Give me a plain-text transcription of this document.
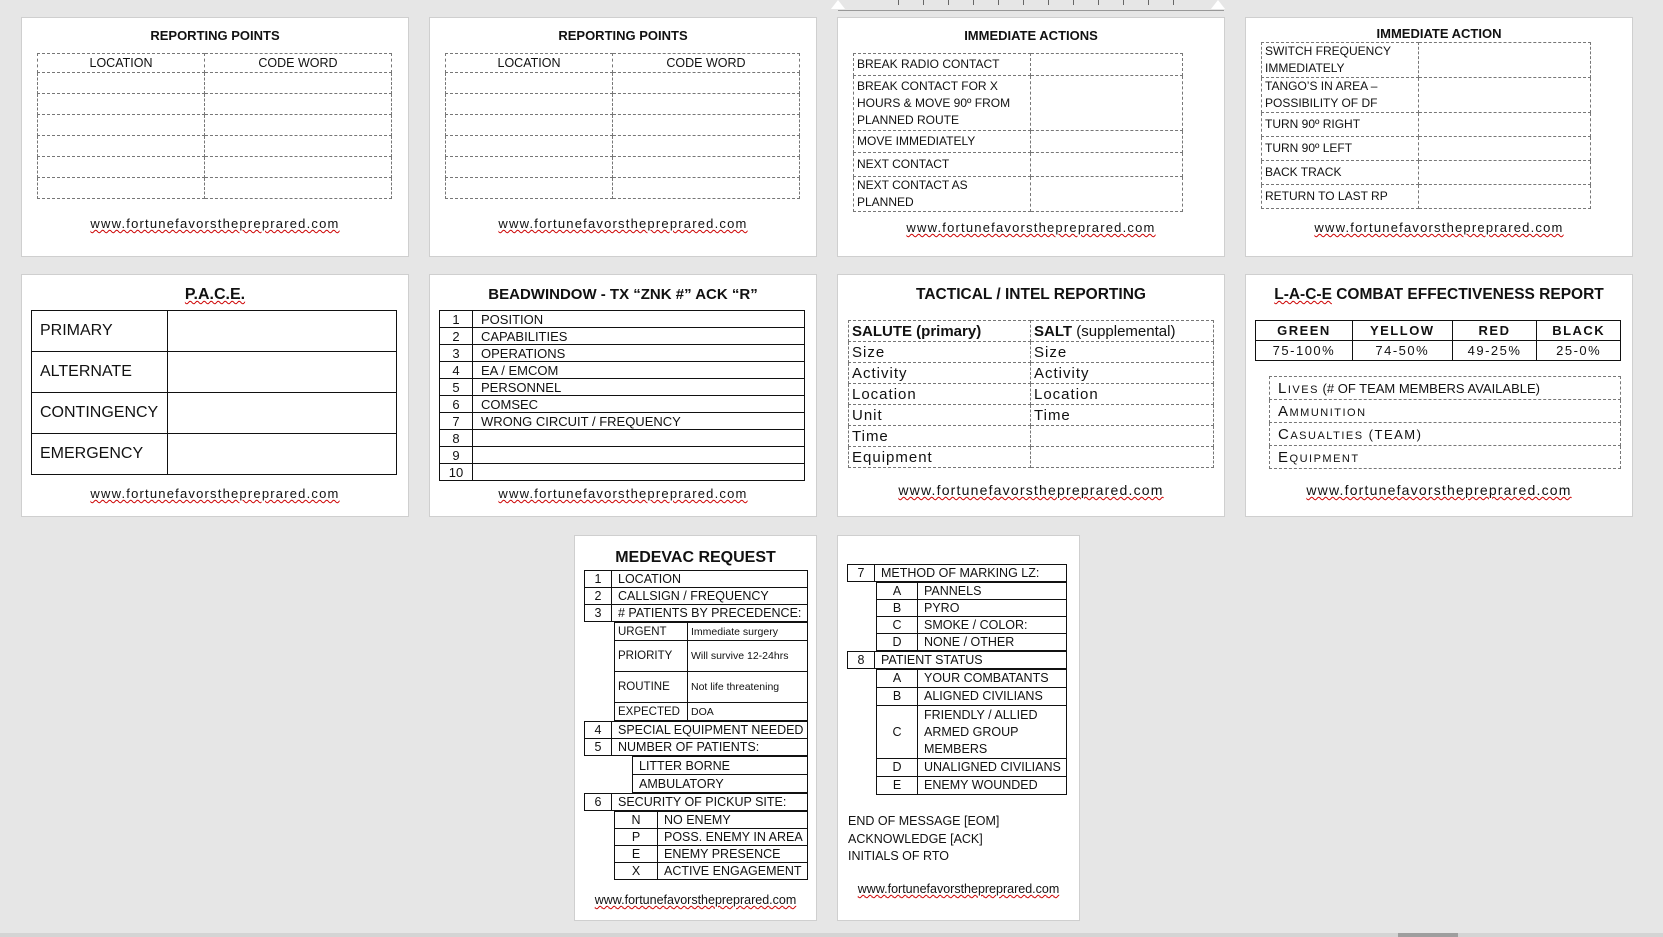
REPORTING POINTS
LOCATION	CODE WORD

www.fortunefavorsthepreprared.com
REPORTING POINTS
LOCATION	CODE WORD

www.fortunefavorsthepreprared.com
IMMEDIATE ACTIONS
BREAK RADIO CONTACT	
BREAK CONTACT FOR X HOURS & MOVE 90º FROM PLANNED ROUTE	
MOVE IMMEDIATELY	
NEXT CONTACT	
NEXT CONTACT AS PLANNED	
www.fortunefavorsthepreprared.com
IMMEDIATE ACTION
SWITCH FREQUENCY IMMEDIATELY	
TANGO’S IN AREA – POSSIBILITY OF DF	
TURN 90º RIGHT	
TURN 90º LEFT	
BACK TRACK	
RETURN TO LAST RP	
www.fortunefavorsthepreprared.com
P.A.C.E.
PRIMARY	
ALTERNATE	
CONTINGENCY	
EMERGENCY	
www.fortunefavorsthepreprared.com
BEADWINDOW - TX “ZNK #” ACK “R”
1	POSITION
2	CAPABILITIES
3	OPERATIONS
4	EA / EMCOM
5	PERSONNEL
6	COMSEC
7	WRONG CIRCUIT / FREQUENCY
8	
9	
10	
www.fortunefavorsthepreprared.com
TACTICAL / INTEL REPORTING
SALUTE (primary)	SALT (supplemental)
Size	Size
Activity	Activity
Location	Location
Unit	Time
Time	
Equipment	
www.fortunefavorsthepreprared.com
L-A-C-E COMBAT EFFECTIVENESS REPORT
GREEN	YELLOW	RED	BLACK
75-100%	74-50%	49-25%	25-0%
LIVES (# OF TEAM MEMBERS AVAILABLE)
AMMUNITION
CASUALTIES (TEAM)
EQUIPMENT
www.fortunefavorsthepreprared.com
MEDEVAC REQUEST
1	LOCATION
2	CALLSIGN / FREQUENCY
3	# PATIENTS BY PRECEDENCE:
URGENT	Immediate surgery
PRIORITY	Will survive 12-24hrs
ROUTINE	Not life threatening
EXPECTED	DOA
4	SPECIAL EQUIPMENT NEEDED
5	NUMBER OF PATIENTS:
LITTER BORNE
AMBULATORY
6	SECURITY OF PICKUP SITE:
N	NO ENEMY
P	POSS. ENEMY IN AREA
E	ENEMY PRESENCE
X	ACTIVE ENGAGEMENT
www.fortunefavorsthepreprared.com
7	METHOD OF MARKING LZ:
A	PANNELS
B	PYRO
C	SMOKE / COLOR:
D	NONE / OTHER
8	PATIENT STATUS
A	YOUR COMBATANTS
B	ALIGNED CIVILIANS
C	FRIENDLY / ALLIED ARMED GROUP MEMBERS
D	UNALIGNED CIVILIANS
E	ENEMY WOUNDED
END OF MESSAGE [EOM]
ACKNOWLEDGE [ACK]
INITIALS OF RTO
www.fortunefavorsthepreprared.com
